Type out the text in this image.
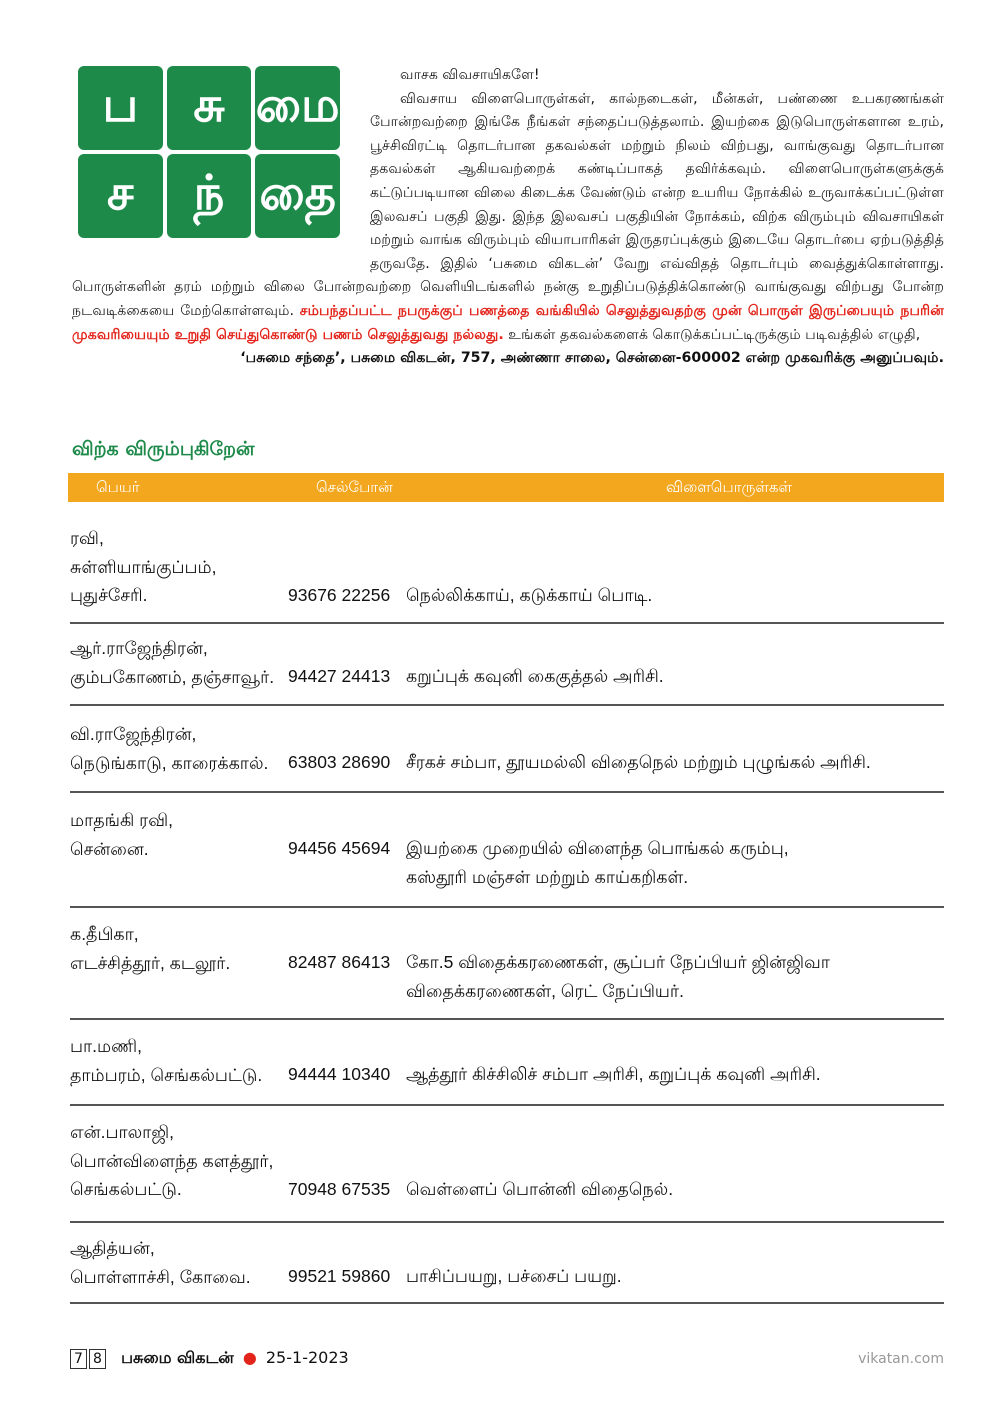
ப	சு மை
ச	ந் தை

வாசக விவசாயிகளே!

விவசாய விளைபொருள்கள், கால்நடைகள், மீன்கள், பண்ணை உபகரணங்கள் போன்றவற்றை இங்கே நீங்கள் சந்தைப்படுத்தலாம். இயற்கை இடுபொருள்களான உரம், பூச்சிவிரட்டி தொடர்பான தகவல்கள் மற்றும் நிலம் விற்பது, வாங்குவது தொடர்பான தகவல்கள் ஆகியவற்றைக் கண்டிப்பாகத் தவிர்க்கவும். விளைபொருள்களுக்குக் கட்டுப்படியான விலை கிடைக்க வேண்டும் என்ற உயரிய நோக்கில் உருவாக்கப்பட்டுள்ள இலவசப் பகுதி இது. இந்த இலவசப் பகுதியின் நோக்கம், விற்க விரும்பும் விவசாயிகள் மற்றும் வாங்க விரும்பும் வியாபாரிகள் இருதரப்புக்கும் இடையே தொடர்பை ஏற்படுத்தித் தருவதே. இதில் ‘பசுமை விகடன்’ வேறு எவ்விதத் தொடர்பும் வைத்துக்கொள்ளாது. பொருள்களின் தரம் மற்றும் விலை போன்றவற்றை வெளியிடங்களில் நன்கு உறுதிப்படுத்திக்கொண்டு வாங்குவது விற்பது போன்ற நடவடிக்கையை மேற்கொள்ளவும். சம்பந்தப்பட்ட நபருக்குப் பணத்தை வங்கியில் செலுத்துவதற்கு முன் பொருள் இருப்பையும் நபரின் முகவரியையும் உறுதி செய்துகொண்டு பணம் செலுத்துவது நல்லது. உங்கள் தகவல்களைக் கொடுக்கப்பட்டிருக்கும் படிவத்தில் எழுதி,

‘பசுமை சந்தை’, பசுமை விகடன், 757, அண்ணா சாலை, சென்னை-600002 என்ற முகவரிக்கு அனுப்பவும்.
விற்க விரும்புகிறேன்
பெயர்	செல்போன்	விளைபொருள்கள்
ரவி,
சுள்ளியாங்குப்பம்,
புதுச்சேரி.	93676 22256 நெல்லிக்காய், கடுக்காய் பொடி.
ஆர்.ராஜேந்திரன்,
கும்பகோணம், தஞ்சாவூர். 94427 24413 கறுப்புக் கவுனி கைகுத்தல் அரிசி.
வி.ராஜேந்திரன்,
நெடுங்காடு, காரைக்கால்.	63803 28690 சீரகச் சம்பா, தூயமல்லி விதைநெல் மற்றும் புழுங்கல் அரிசி.
மாதங்கி ரவி,
சென்னை.	94456 45694 இயற்கை முறையில் விளைந்த பொங்கல் கரும்பு,
கஸ்தூரி மஞ்சள் மற்றும் காய்கறிகள்.
க.தீபிகா,
எடச்சித்தூர், கடலூர்.	82487 86413 கோ.5 விதைக்கரணைகள், சூப்பர் நேப்பியர் ஜின்ஜிவா
விதைக்கரணைகள், ரெட் நேப்பியர்.
பா.மணி,
தாம்பரம், செங்கல்பட்டு.	94444 10340 ஆத்தூர் கிச்சிலிச் சம்பா அரிசி, கறுப்புக் கவுனி அரிசி.
என்.பாலாஜி,
பொன்விளைந்த களத்தூர்,
செங்கல்பட்டு.	70948 67535 வெள்ளைப் பொன்னி விதைநெல்.
ஆதித்யன்,
பொள்ளாச்சி, கோவை.	99521 59860 பாசிப்பயறு, பச்சைப் பயறு.
7 8 பசுமை விகடன் ● 25-1-2023	vikatan.com
